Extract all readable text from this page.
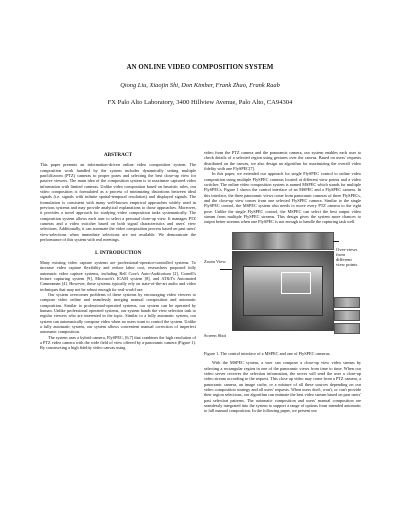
AN ONLINE VIDEO COMPOSITION SYSTEM
Qiong Liu, Xiaojin Shi, Don Kimber, Frank Zhao, Frank Raab
FX Palo Alto Laboratory, 3400 Hillview Avenue, Palo Alto, CA94304
ABSTRACT

This paper presents an information-driven online video composition system. The composition work handled by the system includes dynamically setting multiple pan/tilt/zoom (PTZ) cameras to proper poses and selecting the best close-up view for passive viewers. The main idea of the composition system is to maximize captured video information with limited cameras. Unlike video composition based on heuristic rules, our video composition is formulated as a process of minimizing distortions between ideal signals (i.e. signals with infinite spatial-temporal resolution) and displayed signals. The formulation is consistent with many well-known empirical approaches widely used in previous systems and may provide analytical explanations to those approaches. Moreover, it provides a novel approach for studying video composition tasks systematically. The composition system allows each user to select a personal close-up view. It manages PTZ cameras and a video switcher based on both signal characteristics and users' view selections. Additionally, it can automate the video composition process based on past users' view-selections when immediate selections are not available. We demonstrate the performance of this system with real meetings.

1. INTRODUCTION

Many existing video capture systems are professional-operator-controlled systems. To increase video capture flexibility and reduce labor cost, researchers proposed fully automatic video capture systems, including Bell Core's Auto-Auditorium [2], Cornell's lecture capturing system [9], Microsoft's ICAM system [8], and AT&T's Automated Cameraman [4]. However, these systems typically rely on state-of-the-art audio and video techniques that may not be robust enough for real-world use.

Our system overcomes problems of these systems by encouraging video viewers to compose video online and seamlessly merging manual composition and automatic composition. Similar to professional-operated systems, our system can be operated by human. Unlike professional operated systems, our system hands the view selection task to regular viewers who are interested in the topic. Similar to a fully automatic system, our system can automatically compose video when no users want to control the system. Unlike a fully automatic system, our system allows convenient manual correction of imperfect automatic composition.

The system uses a hybrid camera, FlySPEC, [6,7] that combines the high resolution of a PTZ video camera with the wide field of view offered by a panoramic camera (Figure 1). By constructing a high fidelity video canvas using

video from the PTZ camera and the panoramic camera, our system enables each user to check details of a selected region using gestures over the canvas. Based on users' requests distributed on the canvas, we also design an algorithm for maximizing the overall video fidelity with one FlySPEC[7].

In this paper, we extended our approach for single FlySPEC control to online video composition using multiple FlySPEC cameras located at different view points and a video switcher. The online video composition system is named MSPEC which stands for multiple FlySPECs. Figure 1 shows the control interface of an MSPEC and a FlySPEC camera. In this interface, the three panoramic views come from panoramic cameras of three FlySPECs, and the close-up view comes from one selected FlySPEC camera. Similar to the single FlySPEC control, the MSPEC system also needs to move every PTZ camera to the right pose. Unlike the single FlySPEC control, the MSPEC can select the best output video stream from multiple FlySPEC streams. This design gives the system more chances to output better streams when one FlySPEC is not enough to handle the capturing task well.

Zoom View
Over-views from different view points
Screen Shot
Figure 1. The control interface of a MSPEC and one of FlySPEC cameras.

With the MSPEC system, a user can compose a close-up view video stream by selecting a rectangular region in one of the panoramic views from time to time. When our video server receives the selection information, the server will send the user a close-up video stream according to the request. This close up video may come from a PTZ camera, a panoramic camera, an image cache, or a mixture of all these sources depending on our video composition strategy and all users' requests. When users don't, won't, or can't provide their region selections, our algorithm can estimate the best video stream based on past users' past selection patterns. The automatic composition and users' manual composition are seamlessly integrated into the system to support a range of options from intended automatic to full manual composition. In the following paper, we present our
